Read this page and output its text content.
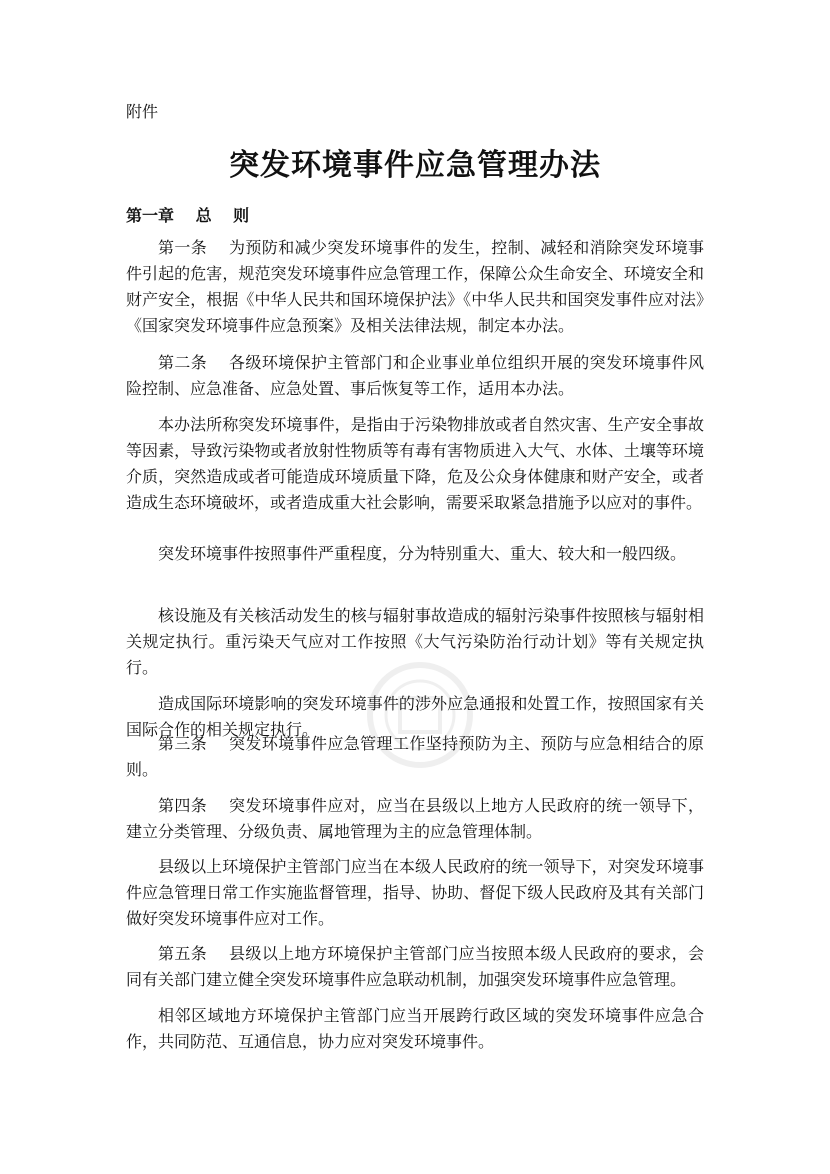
附件
突发环境事件应急管理办法
第一章　 总　 则

第一条　 为预防和减少突发环境事件的发生，控制、减轻和消除突发环境事件引起的危害，规范突发环境事件应急管理工作，保障公众生命安全、环境安全和财产安全，根据《中华人民共和国环境保护法》《中华人民共和国突发事件应对法》《国家突发环境事件应急预案》及相关法律法规，制定本办法。

第二条　 各级环境保护主管部门和企业事业单位组织开展的突发环境事件风险控制、应急准备、应急处置、事后恢复等工作，适用本办法。

本办法所称突发环境事件，是指由于污染物排放或者自然灾害、生产安全事故等因素，导致污染物或者放射性物质等有毒有害物质进入大气、水体、土壤等环境介质，突然造成或者可能造成环境质量下降，危及公众身体健康和财产安全，或者造成生态环境破坏，或者造成重大社会影响，需要采取紧急措施予以应对的事件。

突发环境事件按照事件严重程度，分为特别重大、重大、较大和一般四级。

核设施及有关核活动发生的核与辐射事故造成的辐射污染事件按照核与辐射相关规定执行。重污染天气应对工作按照《大气污染防治行动计划》等有关规定执行。

造成国际环境影响的突发环境事件的涉外应急通报和处置工作，按照国家有关国际合作的相关规定执行。

第三条　 突发环境事件应急管理工作坚持预防为主、预防与应急相结合的原则。

第四条　 突发环境事件应对，应当在县级以上地方人民政府的统一领导下，建立分类管理、分级负责、属地管理为主的应急管理体制。

县级以上环境保护主管部门应当在本级人民政府的统一领导下，对突发环境事件应急管理日常工作实施监督管理，指导、协助、督促下级人民政府及其有关部门做好突发环境事件应对工作。

第五条　 县级以上地方环境保护主管部门应当按照本级人民政府的要求，会同有关部门建立健全突发环境事件应急联动机制，加强突发环境事件应急管理。

相邻区域地方环境保护主管部门应当开展跨行政区域的突发环境事件应急合作，共同防范、互通信息，协力应对突发环境事件。
